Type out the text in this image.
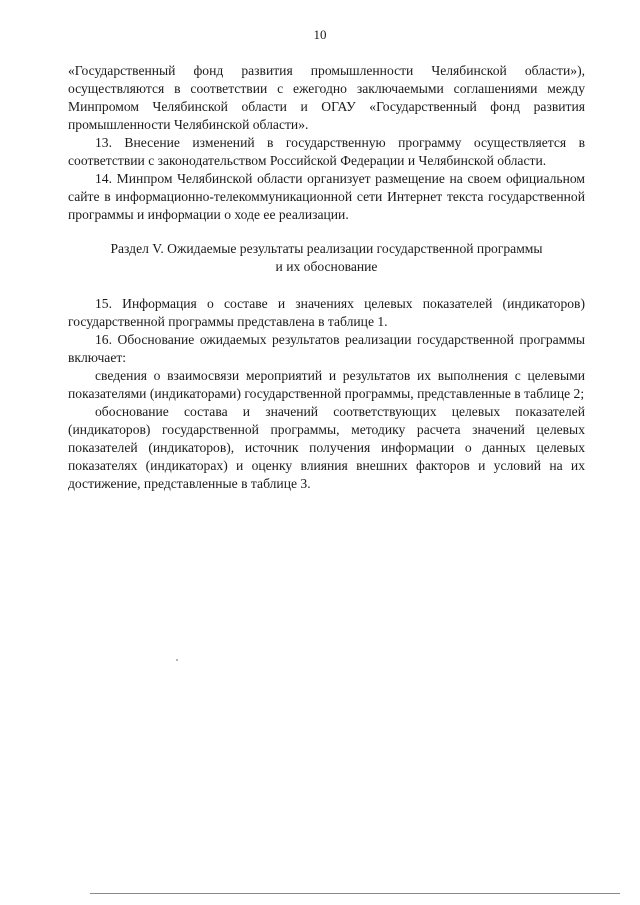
10

«Государственный фонд развития промышленности Челябинской области»), осуществляются в соответствии с ежегодно заключаемыми соглашениями между Минпромом Челябинской области и ОГАУ «Государственный фонд развития промышленности Челябинской области».

13. Внесение изменений в государственную программу осуществляется в соответствии с законодательством Российской Федерации и Челябинской области.

14. Минпром Челябинской области организует размещение на своем официальном сайте в информационно-телекоммуникационной сети Интернет текста государственной программы и информации о ходе ее реализации.

Раздел V. Ожидаемые результаты реализации государственной программы и их обоснование

15. Информация о составе и значениях целевых показателей (индикаторов) государственной программы представлена в таблице 1.

16. Обоснование ожидаемых результатов реализации государственной программы включает:

сведения о взаимосвязи мероприятий и результатов их выполнения с целевыми показателями (индикаторами) государственной программы, представленные в таблице 2;

обоснование состава и значений соответствующих целевых показателей (индикаторов) государственной программы, методику расчета значений целевых показателей (индикаторов), источник получения информации о данных целевых показателях (индикаторах) и оценку влияния внешних факторов и условий на их достижение, представленные в таблице 3.
